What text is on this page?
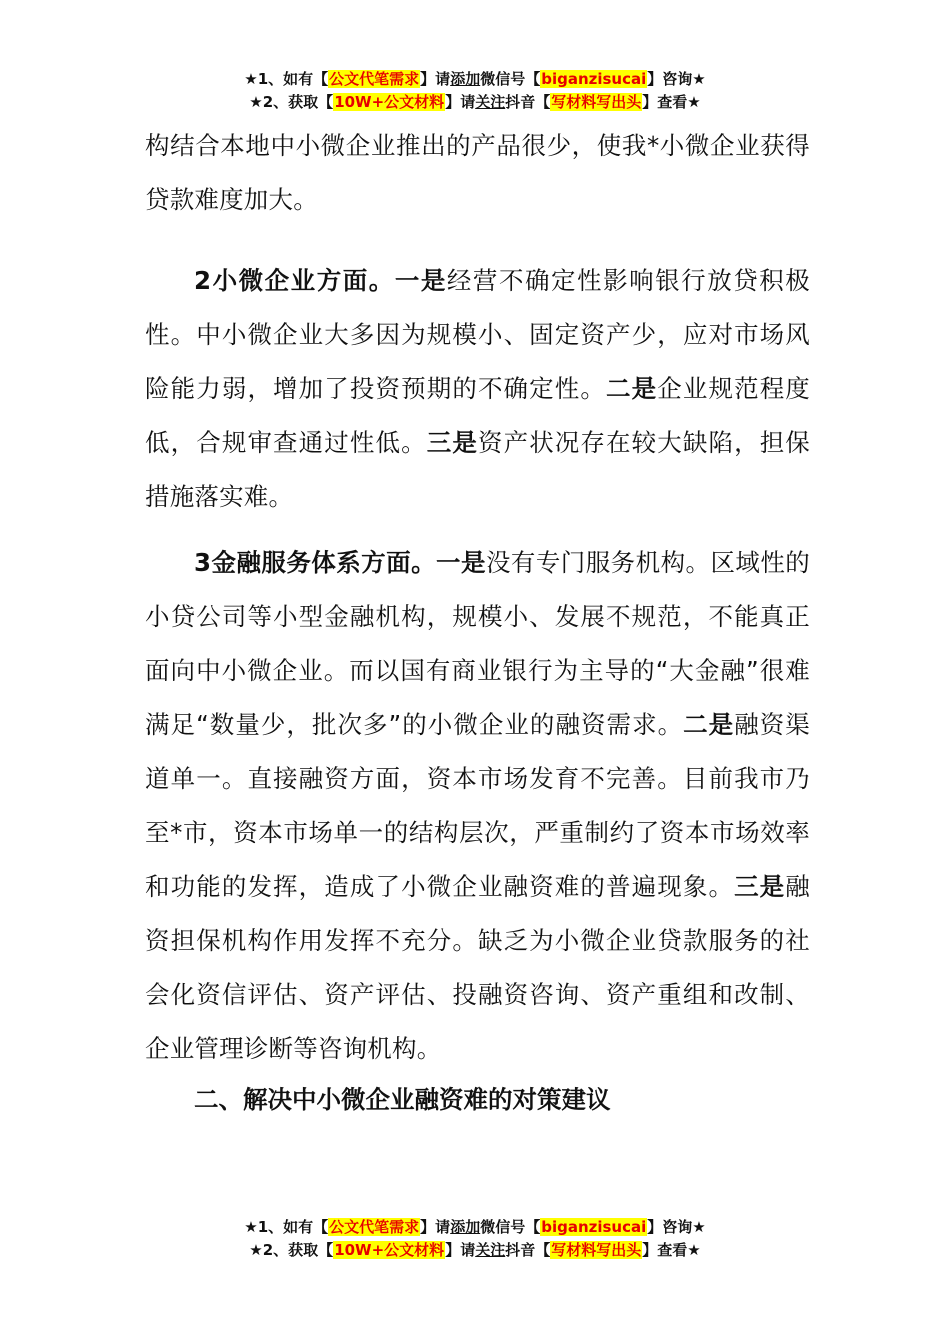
★1、如有【公文代笔需求】请添加微信号【biganzisucai】咨询★
★2、获取【10W+公文材料】请关注抖音【写材料写出头】查看★

构结合本地中小微企业推出的产品很少，使我*小微企业获得贷款难度加大。

2小微企业方面。一是经营不确定性影响银行放贷积极性。中小微企业大多因为规模小、固定资产少，应对市场风险能力弱，增加了投资预期的不确定性。二是企业规范程度低，合规审查通过性低。三是资产状况存在较大缺陷，担保措施落实难。

3金融服务体系方面。一是没有专门服务机构。区域性的小贷公司等小型金融机构，规模小、发展不规范，不能真正面向中小微企业。而以国有商业银行为主导的“大金融”很难满足“数量少，批次多”的小微企业的融资需求。二是融资渠道单一。直接融资方面，资本市场发育不完善。目前我市乃至*市，资本市场单一的结构层次，严重制约了资本市场效率和功能的发挥，造成了小微企业融资难的普遍现象。三是融资担保机构作用发挥不充分。缺乏为小微企业贷款服务的社会化资信评估、资产评估、投融资咨询、资产重组和改制、企业管理诊断等咨询机构。

二、解决中小微企业融资难的对策建议
★1、如有【公文代笔需求】请添加微信号【biganzisucai】咨询★
★2、获取【10W+公文材料】请关注抖音【写材料写出头】查看★
